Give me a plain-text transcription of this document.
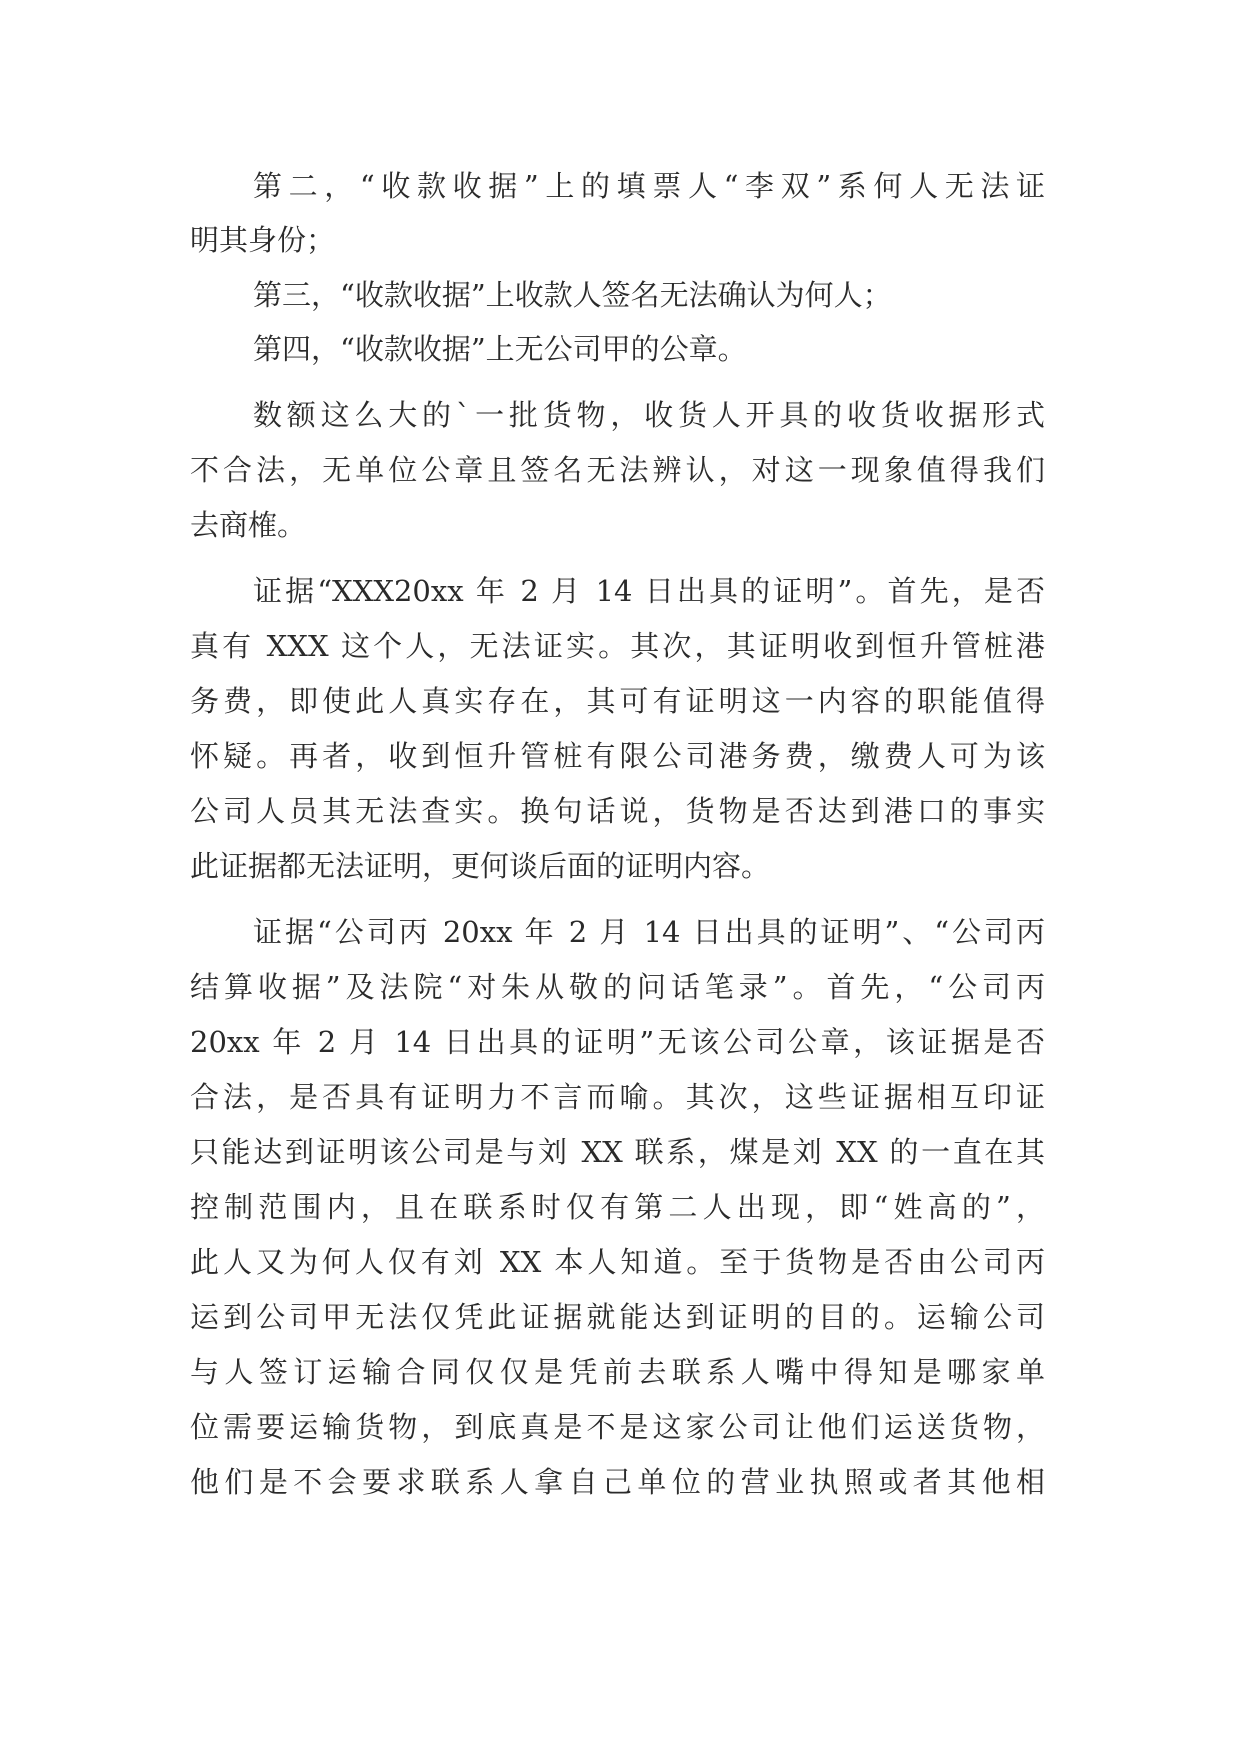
第二，“收款收据”上的填票人“李双”系何人无法证

明其身份；

第三，“收款收据”上收款人签名无法确认为何人；

第四，“收款收据”上无公司甲的公章。

数额这么大的`一批货物，收货人开具的收货收据形式

不合法，无单位公章且签名无法辨认，对这一现象值得我们

去商榷。

证据“XXX20xx 年 2 月 14 日出具的证明”。首先，是否

真有 XXX 这个人，无法证实。其次，其证明收到恒升管桩港

务费，即使此人真实存在，其可有证明这一内容的职能值得

怀疑。再者，收到恒升管桩有限公司港务费，缴费人可为该

公司人员其无法查实。换句话说，货物是否达到港口的事实

此证据都无法证明，更何谈后面的证明内容。

证据“公司丙 20xx 年 2 月 14 日出具的证明”、“公司丙

结算收据”及法院“对朱从敬的问话笔录”。首先，“公司丙

20xx 年 2 月 14 日出具的证明”无该公司公章，该证据是否

合法，是否具有证明力不言而喻。其次，这些证据相互印证

只能达到证明该公司是与刘 XX 联系，煤是刘 XX 的一直在其

控制范围内，且在联系时仅有第二人出现，即“姓高的”，

此人又为何人仅有刘 XX 本人知道。至于货物是否由公司丙

运到公司甲无法仅凭此证据就能达到证明的目的。运输公司

与人签订运输合同仅仅是凭前去联系人嘴中得知是哪家单

位需要运输货物，到底真是不是这家公司让他们运送货物，

他们是不会要求联系人拿自己单位的营业执照或者其他相
